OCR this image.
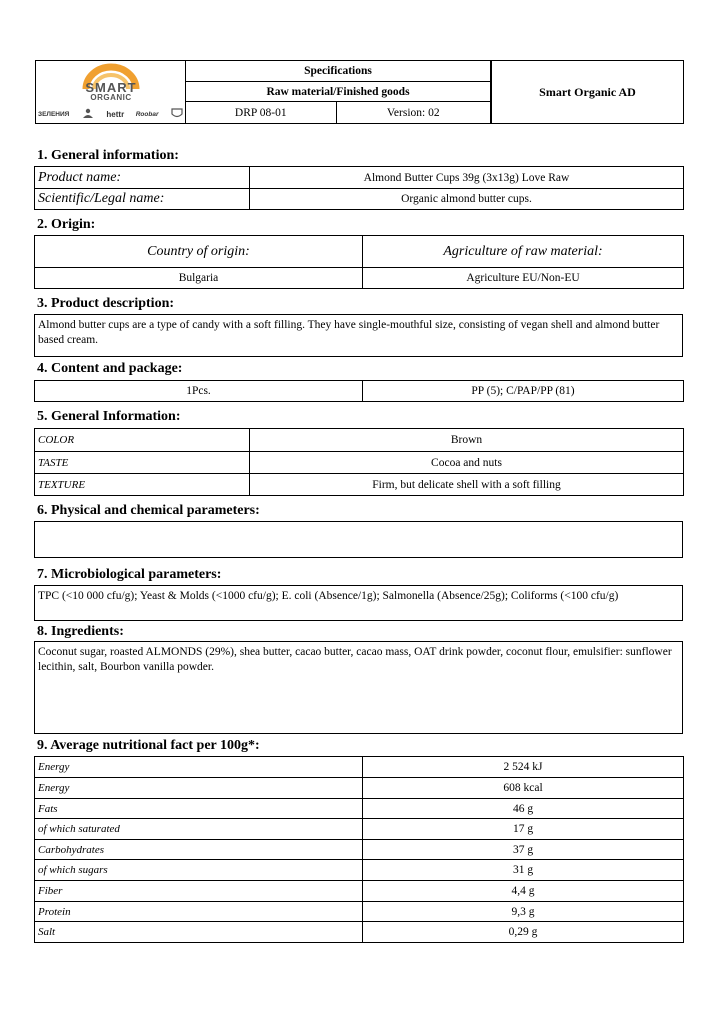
SMART
ORGANIC
ЗЕЛЕНИЯ	hettr Roobar
Specifications
Raw material/Finished goods
DRP 08-01	Version: 02
Smart Organic AD
1. General information:
Product name:	Almond Butter Cups 39g (3x13g) Love Raw
Scientific/Legal name:	Organic almond butter cups.
2. Origin:
Country of origin:	Agriculture of raw material:
Bulgaria	Agriculture EU/Non-EU
3. Product description:
Almond butter cups are a type of candy with a soft filling. They have single-mouthful size, consisting of vegan shell and almond butter based cream.
4. Content and package:
1Pcs.	PP (5); C/PAP/PP (81)
5. General Information:
COLOR	Brown
TASTE	Cocoa and nuts
TEXTURE	Firm, but delicate shell with a soft filling
6. Physical and chemical parameters:
7. Microbiological parameters:
TPC (<10 000 cfu/g); Yeast & Molds (<1000 cfu/g); E. coli (Absence/1g); Salmonella (Absence/25g); Coliforms (<100 cfu/g)
8. Ingredients:
Coconut sugar, roasted ALMONDS (29%), shea butter, cacao butter, cacao mass, OAT drink powder, coconut flour, emulsifier: sunflower lecithin, salt, Bourbon vanilla powder.
9. Average nutritional fact per 100g*:
Energy	2 524 kJ
Energy	608 kcal
Fats	46 g
of which saturated	17 g
Carbohydrates	37 g
of which sugars	31 g
Fiber	4,4 g
Protein	9,3 g
Salt	0,29 g
